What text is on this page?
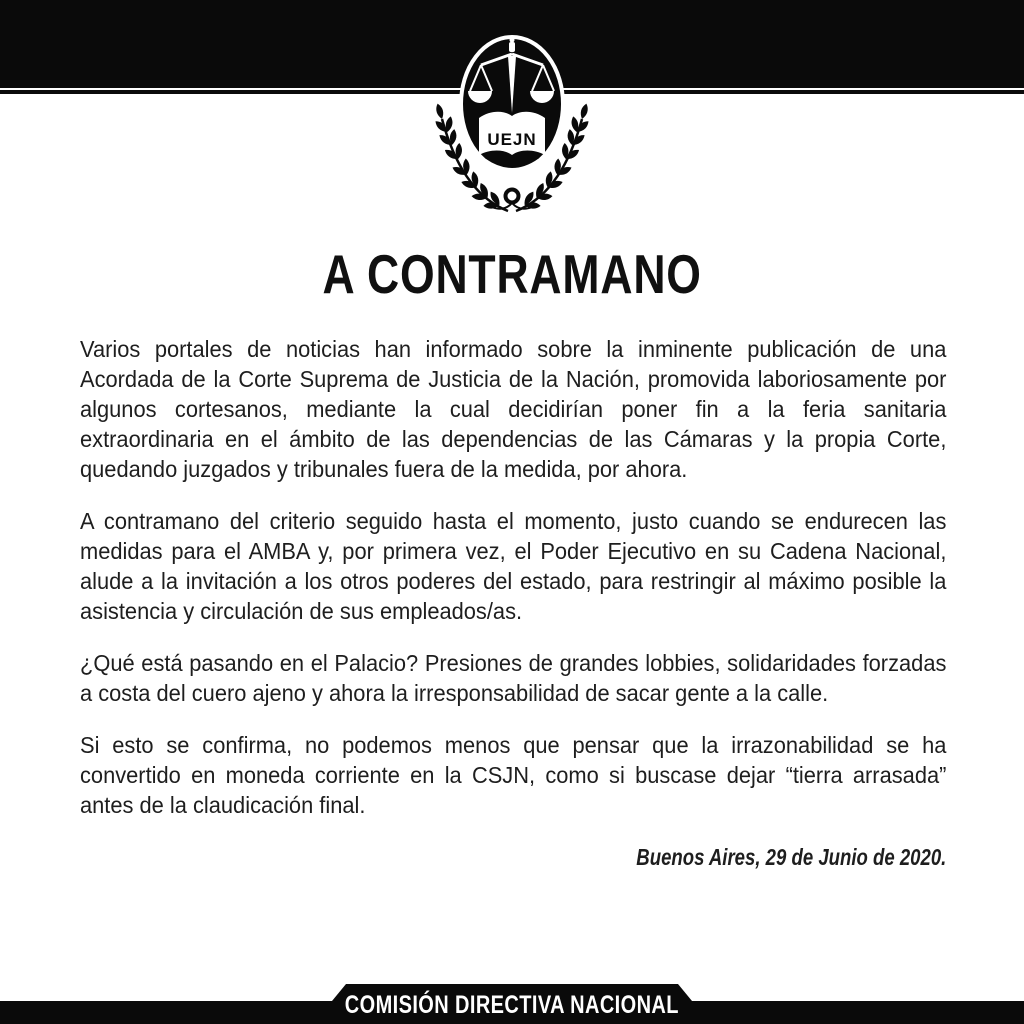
UEJN
A CONTRAMANO

Varios portales de noticias han informado sobre la inminente publicación de una Acordada de la Corte Suprema de Justicia de la Nación, promovida laboriosamente por algunos cortesanos, mediante la cual decidirían poner fin a la feria sanitaria extraordinaria en el ámbito de las dependencias de las Cámaras y la propia Corte, quedando juzgados y tribunales fuera de la medida, por ahora.

A contramano del criterio seguido hasta el momento, justo cuando se endurecen las medidas para el AMBA y, por primera vez, el Poder Ejecutivo en su Cadena Nacional, alude a la invitación a los otros poderes del estado, para restringir al máximo posible la asistencia y circulación de sus empleados/as.

¿Qué está pasando en el Palacio? Presiones de grandes lobbies, solidaridades forzadas a costa del cuero ajeno y ahora la irresponsabilidad de sacar gente a la calle.

Si esto se confirma, no podemos menos que pensar que la irrazonabilidad se ha convertido en moneda corriente en la CSJN, como si buscase dejar “tierra arrasada” antes de la claudicación final.

Buenos Aires, 29 de Junio de 2020.

COMISIÓN DIRECTIVA NACIONAL
